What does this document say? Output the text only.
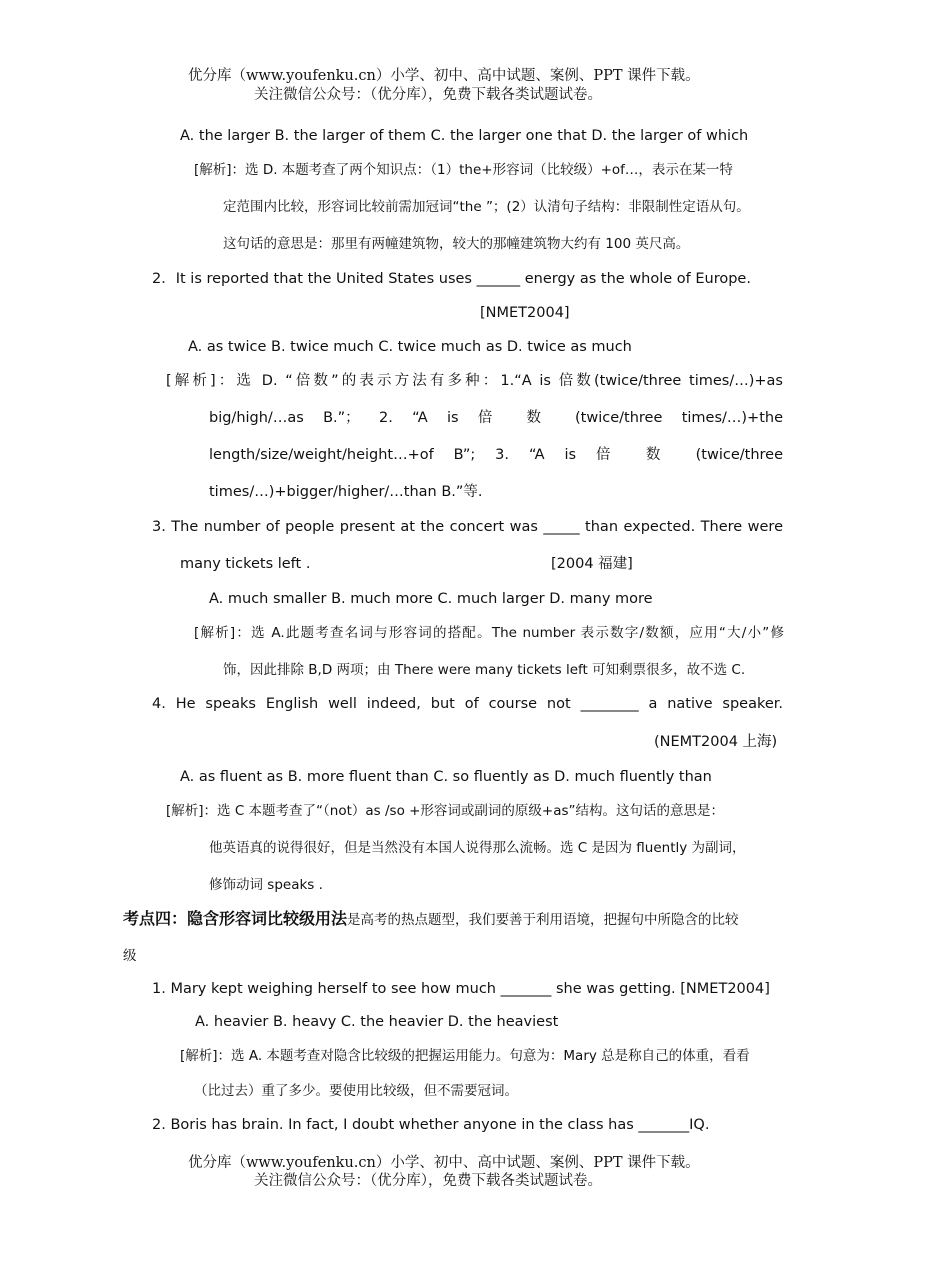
优分库（www.youfenku.cn）小学、初中、高中试题、案例、PPT 课件下载。
关注微信公众号：（优分库），免费下载各类试题试卷。
A. the larger B. the larger of them C. the larger one that D. the larger of which
[解析]：选 D. 本题考查了两个知识点：（1）the+形容词（比较级）+of…，表示在某一特
定范围内比较，形容词比较前需加冠词“the ”；(2）认清句子结构：非限制性定语从句。
这句话的意思是：那里有两幢建筑物，较大的那幢建筑物大约有 100 英尺高。
2．It is reported that the United States uses ______ energy as the whole of Europe.
[NMET2004]
A. as twice B. twice much C. twice much as D. twice as much
[解析]：选 D. “倍数”的表示方法有多种：1.“A is 倍数(twice/three times/…)+as
big/high/…as B.”； 2. “A is 倍 数 (twice/three times/…)+the
length/size/weight/height…+of B”; 3. “A is 倍 数 (twice/three
times/…)+bigger/higher/…than B.”等.
3. The number of people present at the concert was _____ than expected. There were
many tickets left .	[2004 福建]
A. much smaller B. much more C. much larger D. many more
[解析]：选 A.此题考查名词与形容词的搭配。The number 表示数字/数额，应用“大/小”修
饰，因此排除 B,D 两项；由 There were many tickets left 可知剩票很多，故不选 C.
4. He speaks English well indeed, but of course not ________ a native speaker.
(NEMT2004 上海)
A. as fluent as B. more fluent than C. so fluently as D. much fluently than
[解析]：选 C 本题考查了“（not）as /so +形容词或副词的原级+as”结构。这句话的意思是：
他英语真的说得很好，但是当然没有本国人说得那么流畅。选 C 是因为 fluently 为副词，
修饰动词 speaks .
考点四：隐含形容词比较级用法是高考的热点题型，我们要善于利用语境，把握句中所隐含的比较
级
1. Mary kept weighing herself to see how much _______ she was getting. [NMET2004]
A. heavier B. heavy C. the heavier D. the heaviest
[解析]：选 A. 本题考查对隐含比较级的把握运用能力。句意为：Mary 总是称自己的体重，看看
（比过去）重了多少。要使用比较级，但不需要冠词。
2. Boris has brain. In fact, I doubt whether anyone in the class has _______IQ.
优分库（www.youfenku.cn）小学、初中、高中试题、案例、PPT 课件下载。
关注微信公众号：（优分库），免费下载各类试题试卷。
